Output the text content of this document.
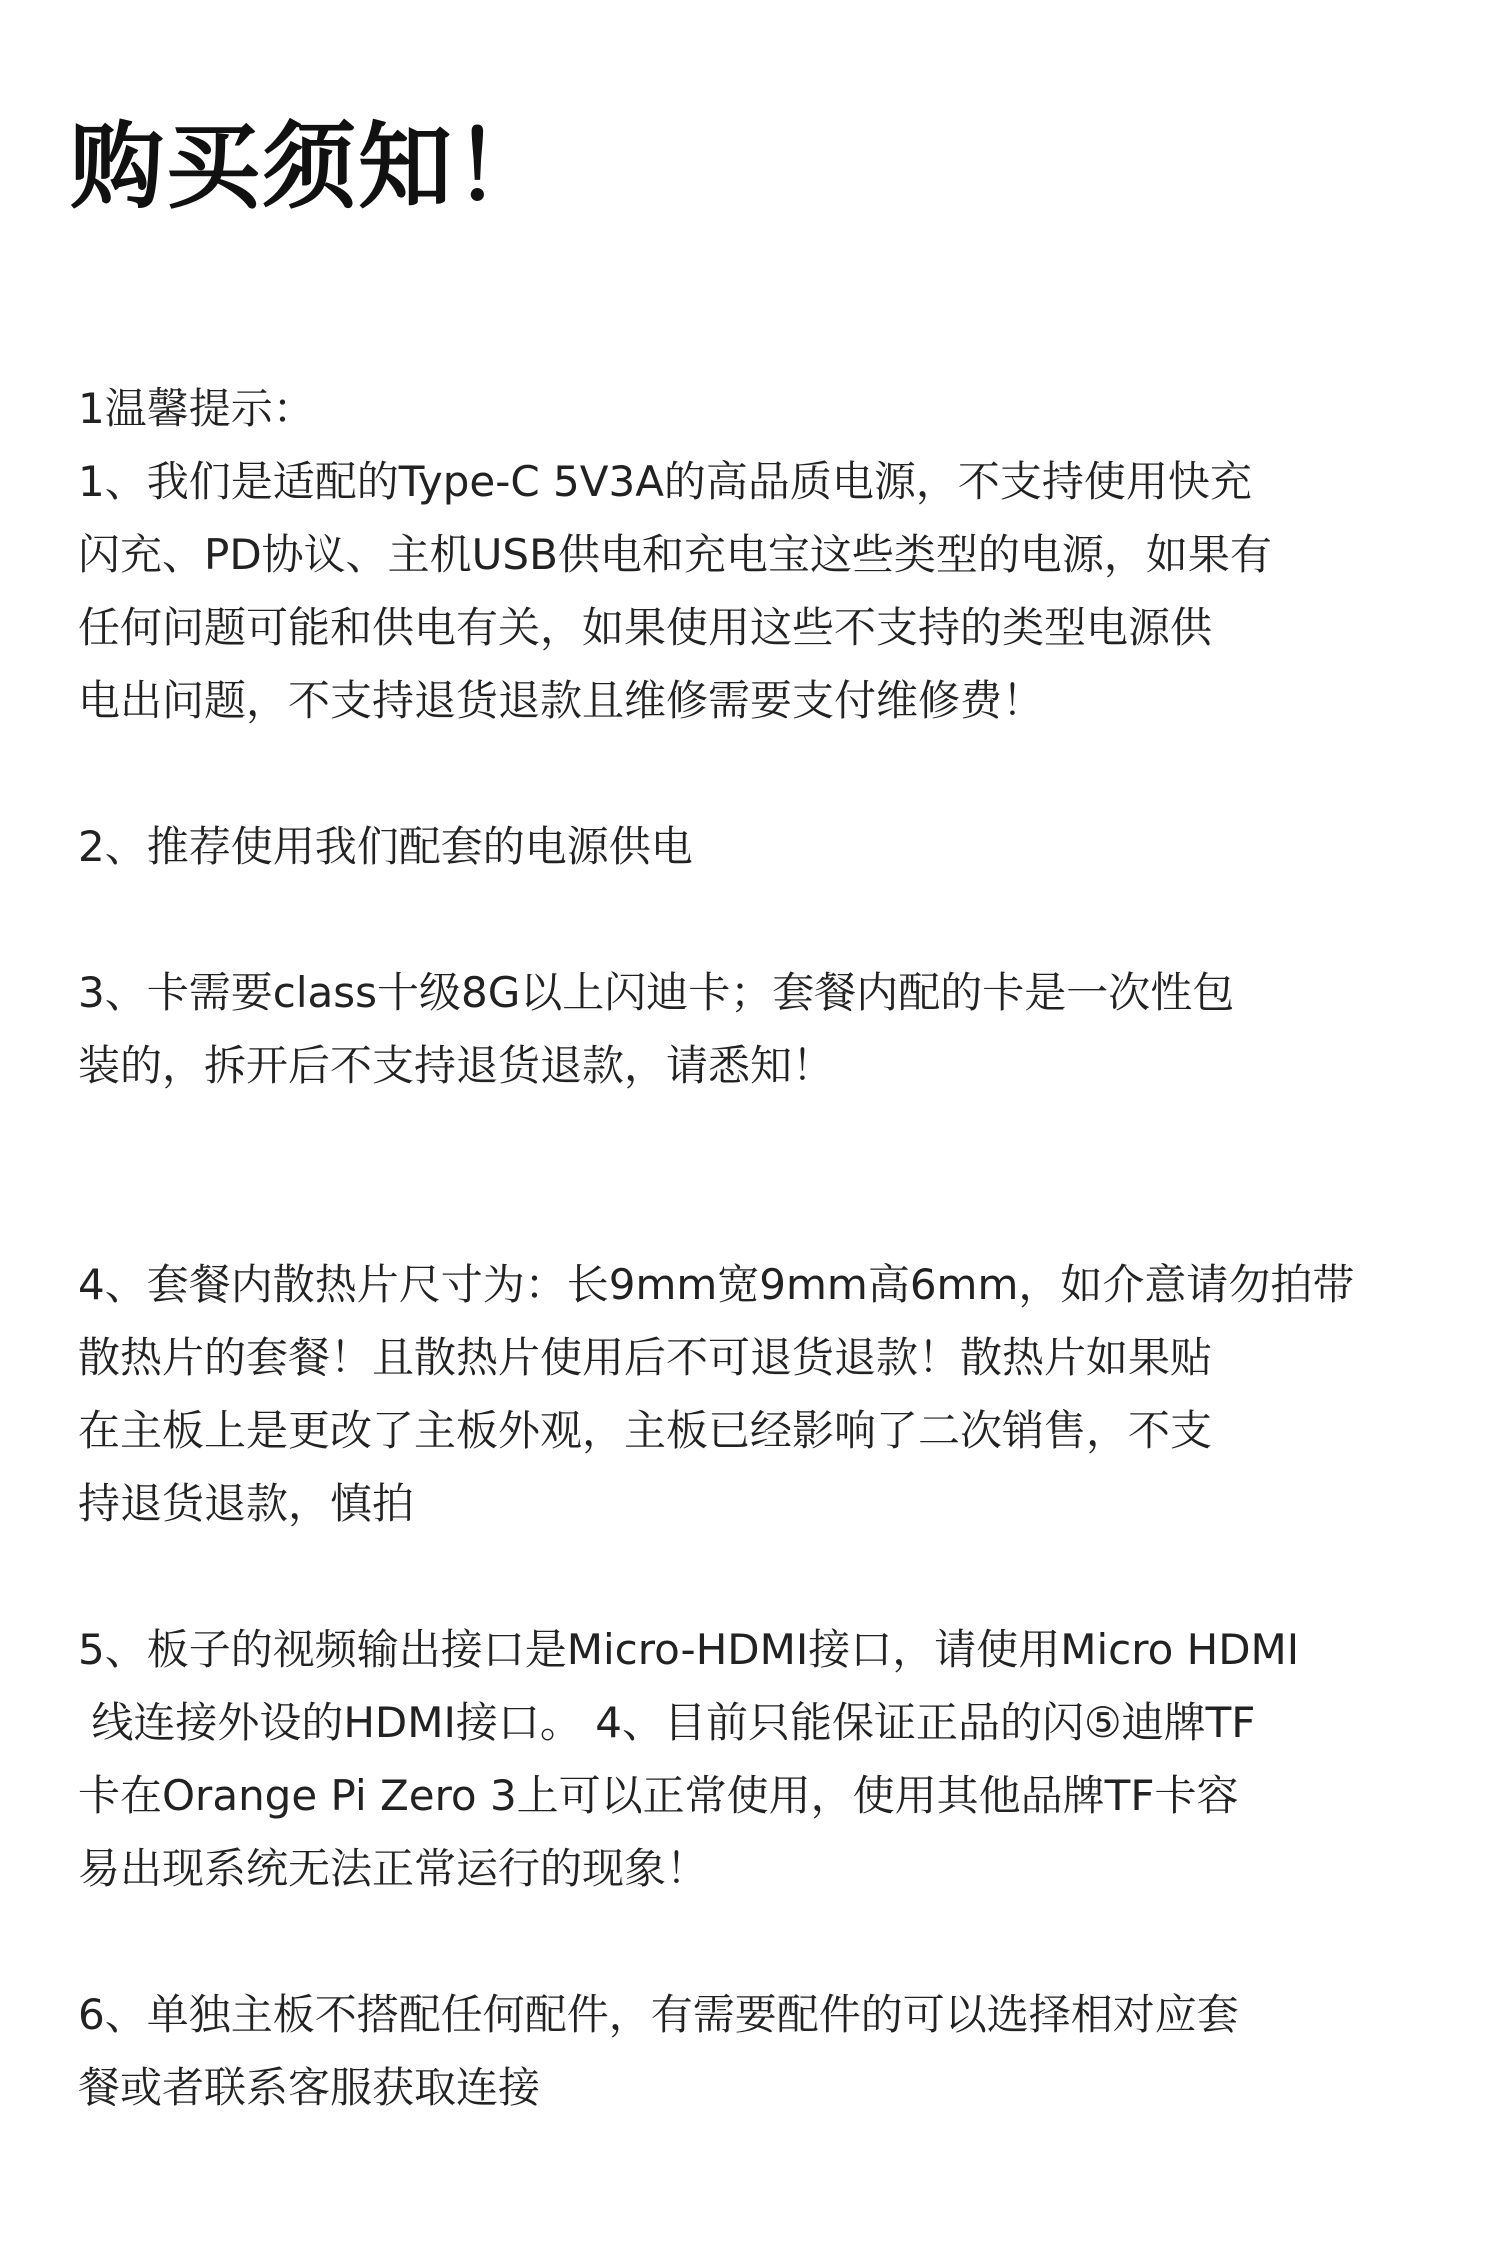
购买须知！
1温馨提示：
1、我们是适配的Type-C 5V3A的高品质电源，不支持使用快充
闪充、PD协议、主机USB供电和充电宝这些类型的电源，如果有
任何问题可能和供电有关，如果使用这些不支持的类型电源供
电出问题，不支持退货退款且维修需要支付维修费！
2、推荐使用我们配套的电源供电
3、卡需要class十级8G以上闪迪卡；套餐内配的卡是一次性包
装的，拆开后不支持退货退款，请悉知！
4、套餐内散热片尺寸为：长9mm宽9mm高6mm，如介意请勿拍带
散热片的套餐！且散热片使用后不可退货退款！散热片如果贴
在主板上是更改了主板外观，主板已经影响了二次销售，不支
持退货退款，慎拍
5、板子的视频输出接口是Micro-HDMI接口，请使用Micro HDMI
线连接外设的HDMI接口。 4、目前只能保证正品的闪⑤迪牌TF
卡在Orange Pi Zero 3上可以正常使用，使用其他品牌TF卡容
易出现系统无法正常运行的现象！
6、单独主板不搭配任何配件，有需要配件的可以选择相对应套
餐或者联系客服获取连接
